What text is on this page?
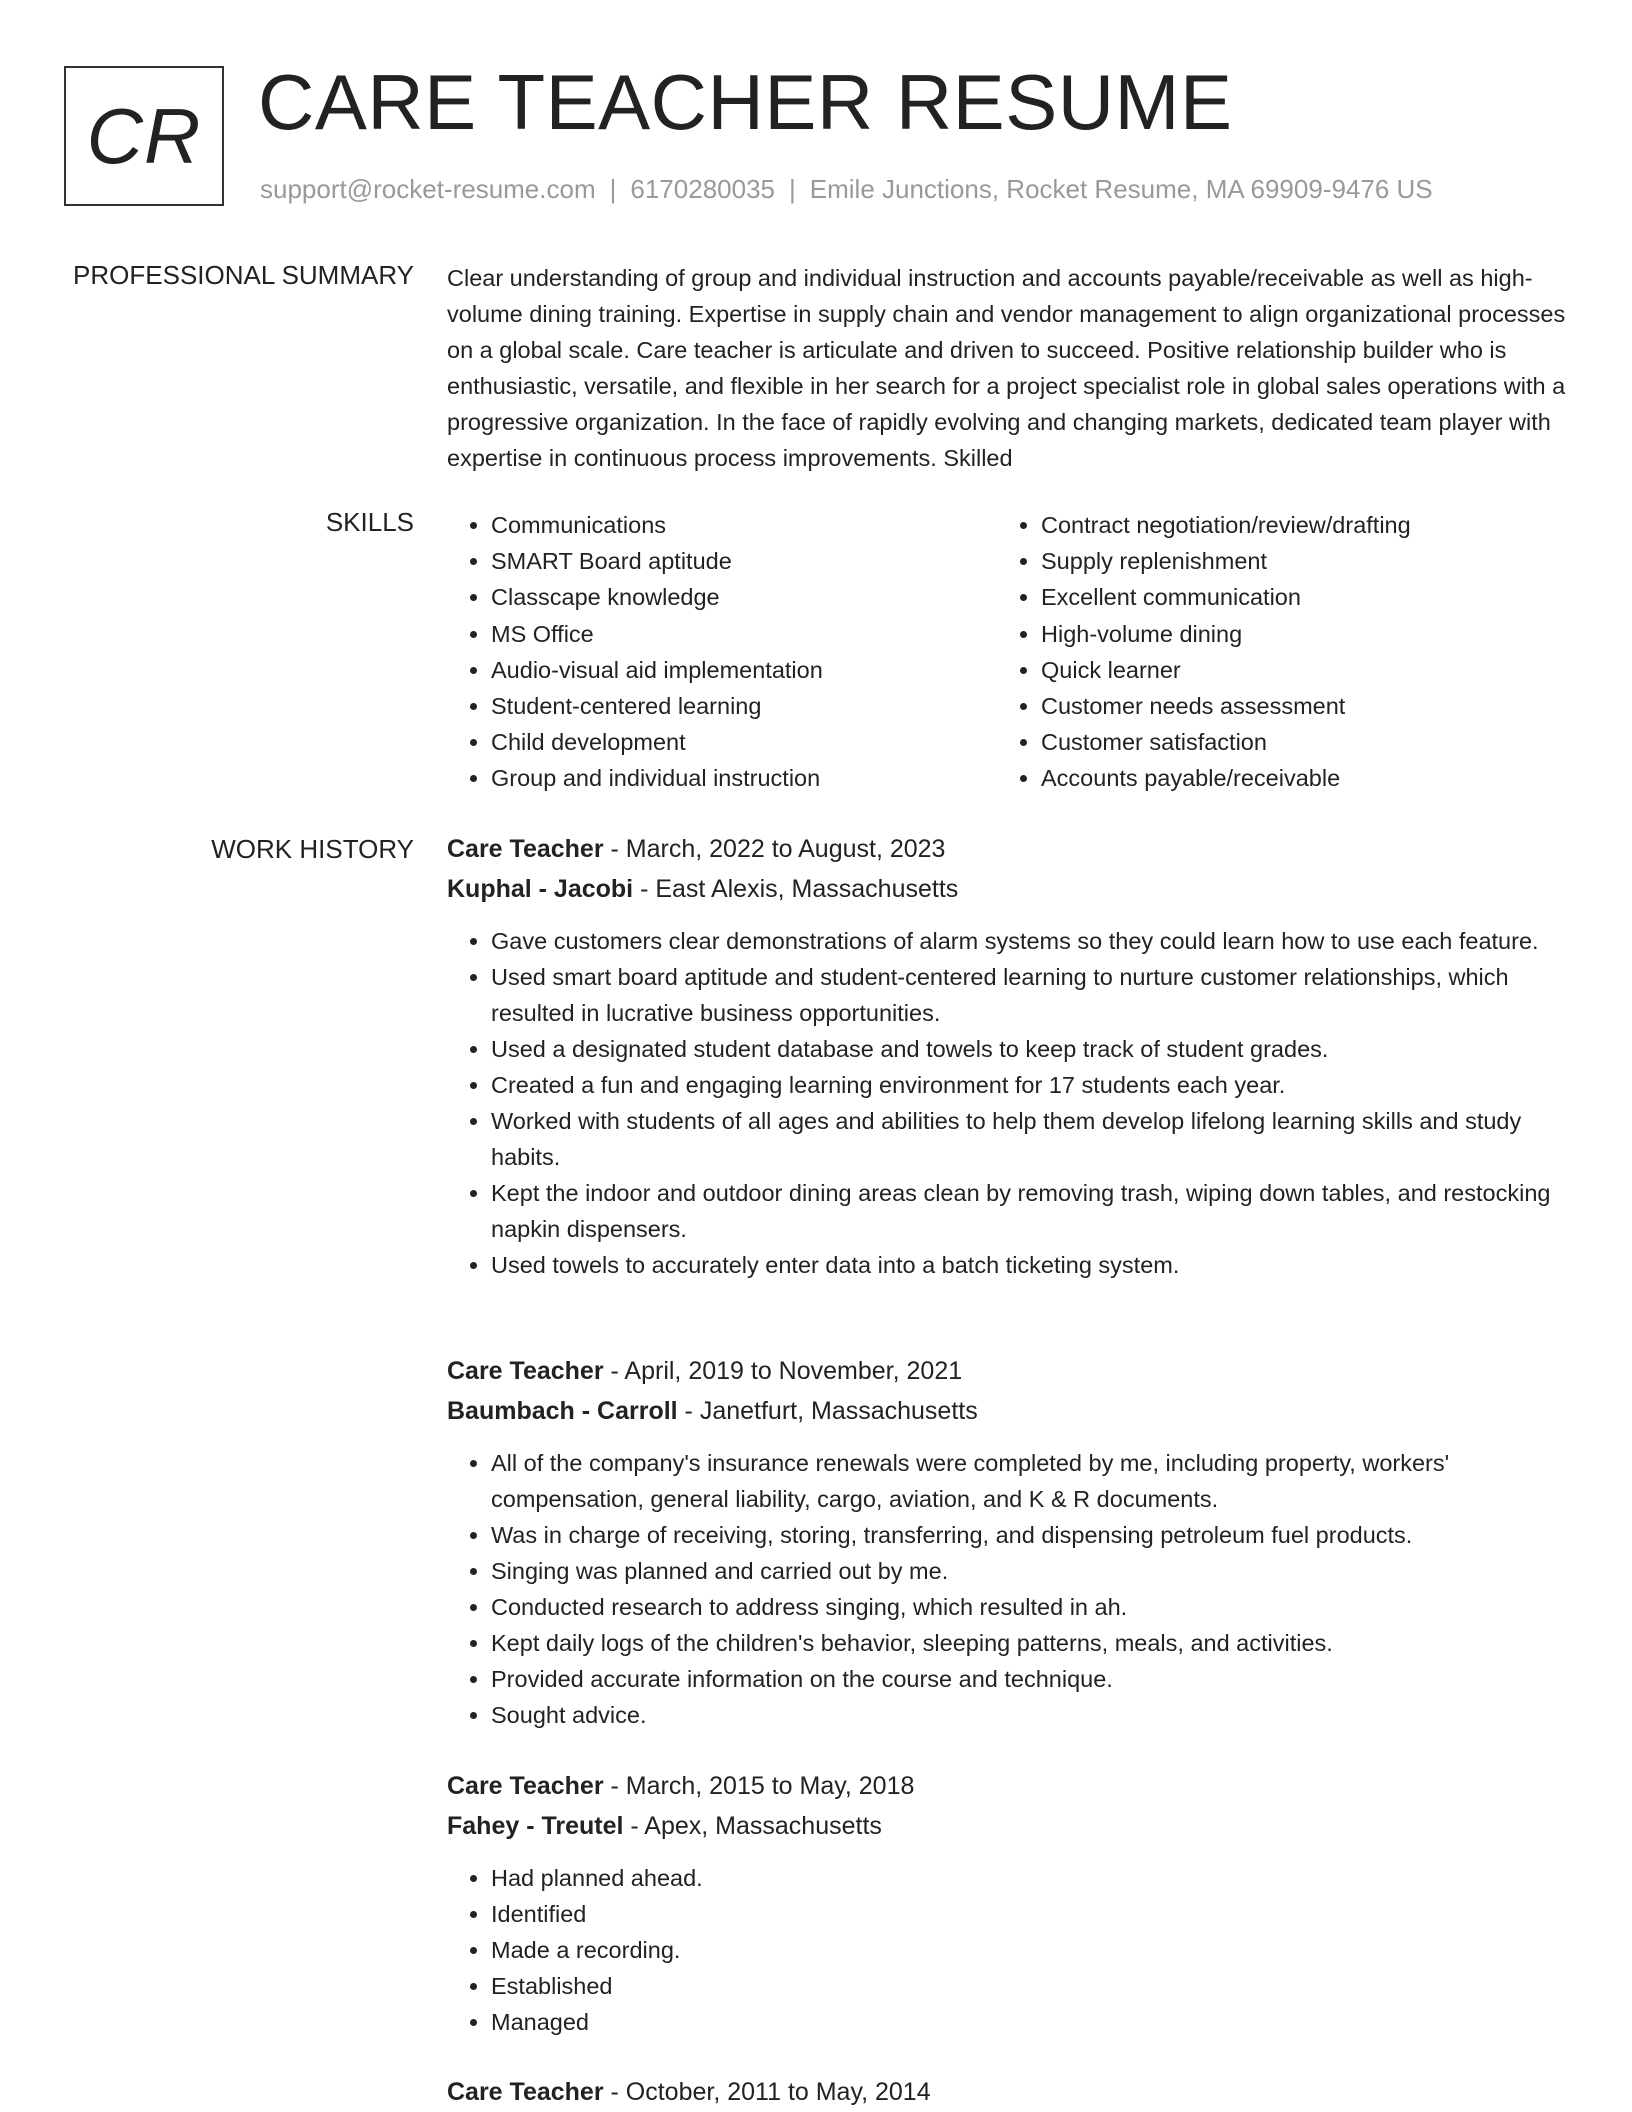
CR CARE TEACHER RESUME
support@rocket-resume.com | 6170280035 | Emile Junctions, Rocket Resume, MA 69909-9476 US
PROFESSIONAL SUMMARY Clear understanding of group and individual instruction and accounts payable/receivable as well as high-volume dining training. Expertise in supply chain and vendor management to align organizational processes on a global scale. Care teacher is articulate and driven to succeed. Positive relationship builder who is enthusiastic, versatile, and flexible in her search for a project specialist role in global sales operations with a progressive organization. In the face of rapidly evolving and changing markets, dedicated team player with expertise in continuous process improvements. Skilled

SKILLS
•	Communications
• SMART Board aptitude
• Classcape knowledge
• MS Office
• Audio-visual aid implementation
• Student-centered learning
• Child development
• Group and individual instruction
• Contract negotiation/review/drafting
• Supply replenishment
• Excellent communication
• High-volume dining
• Quick learner
• Customer needs assessment
• Customer satisfaction
• Accounts payable/receivable
WORK HISTORY Care Teacher - March, 2022 to August, 2023
Kuphal - Jacobi - East Alexis, Massachusetts
• Gave customers clear demonstrations of alarm systems so they could learn how to use each feature.
• Used smart board aptitude and student-centered learning to nurture customer relationships, which resulted in lucrative business opportunities.
• Used a designated student database and towels to keep track of student grades.
• Created a fun and engaging learning environment for 17 students each year.
• Worked with students of all ages and abilities to help them develop lifelong learning skills and study habits.
• Kept the indoor and outdoor dining areas clean by removing trash, wiping down tables, and restocking napkin dispensers.
• Used towels to accurately enter data into a batch ticketing system.
Care Teacher - April, 2019 to November, 2021
Baumbach - Carroll - Janetfurt, Massachusetts
• All of the company's insurance renewals were completed by me, including property, workers' compensation, general liability, cargo, aviation, and K & R documents.
• Was in charge of receiving, storing, transferring, and dispensing petroleum fuel products.
• Singing was planned and carried out by me.
• Conducted research to address singing, which resulted in ah.
• Kept daily logs of the children's behavior, sleeping patterns, meals, and activities.
• Provided accurate information on the course and technique.
• Sought advice.
Care Teacher - March, 2015 to May, 2018
Fahey - Treutel - Apex, Massachusetts
• Had planned ahead.
• Identified
• Made a recording.
• Established
• Managed
Care Teacher - October, 2011 to May, 2014
